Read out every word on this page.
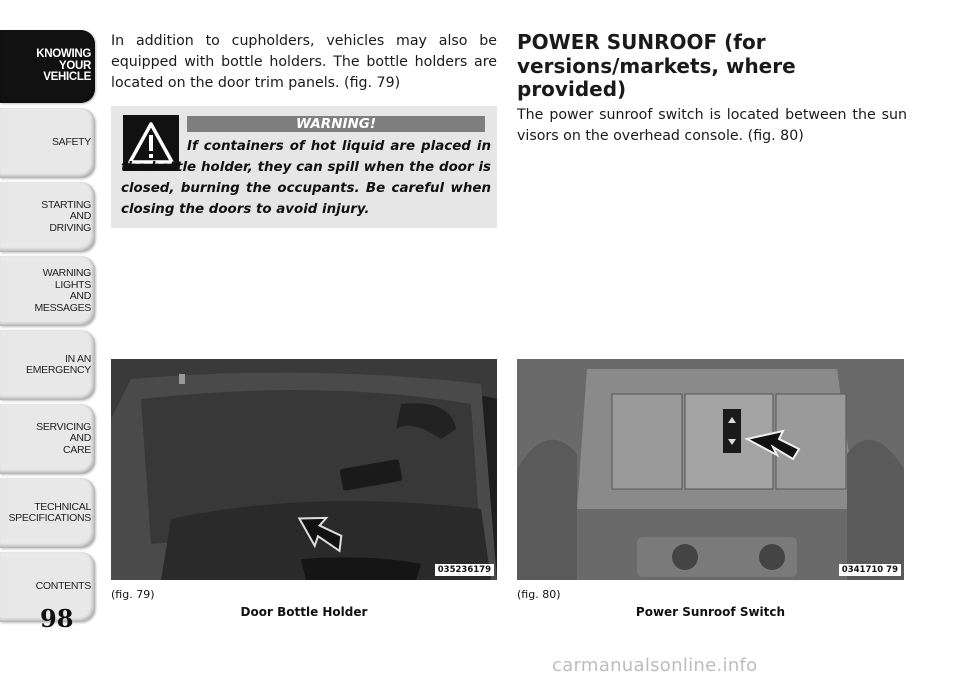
KNOWING
YOUR
VEHICLE
SAFETY
STARTING
AND
DRIVING
WARNING
LIGHTS
AND
MESSAGES
IN AN
EMERGENCY
SERVICING
AND
CARE
TECHNICAL
SPECIFICATIONS
CONTENTS
98

In addition to cupholders, vehicles may also be equipped with bottle holders. The bottle holders are located on the door trim panels. (fig. 79)

WARNING!
If containers of hot liquid are placed in the bottle holder, they can spill when the door is closed, burning the occupants. Be careful when closing the doors to avoid injury.
POWER SUNROOF (for versions/markets, where provided)

The power sunroof switch is located between the sun visors on the overhead console. (fig. 80)

035236179
(fig. 79)
Door Bottle Holder
0341710 79
(fig. 80)
Power Sunroof Switch
carmanualsonline.info
